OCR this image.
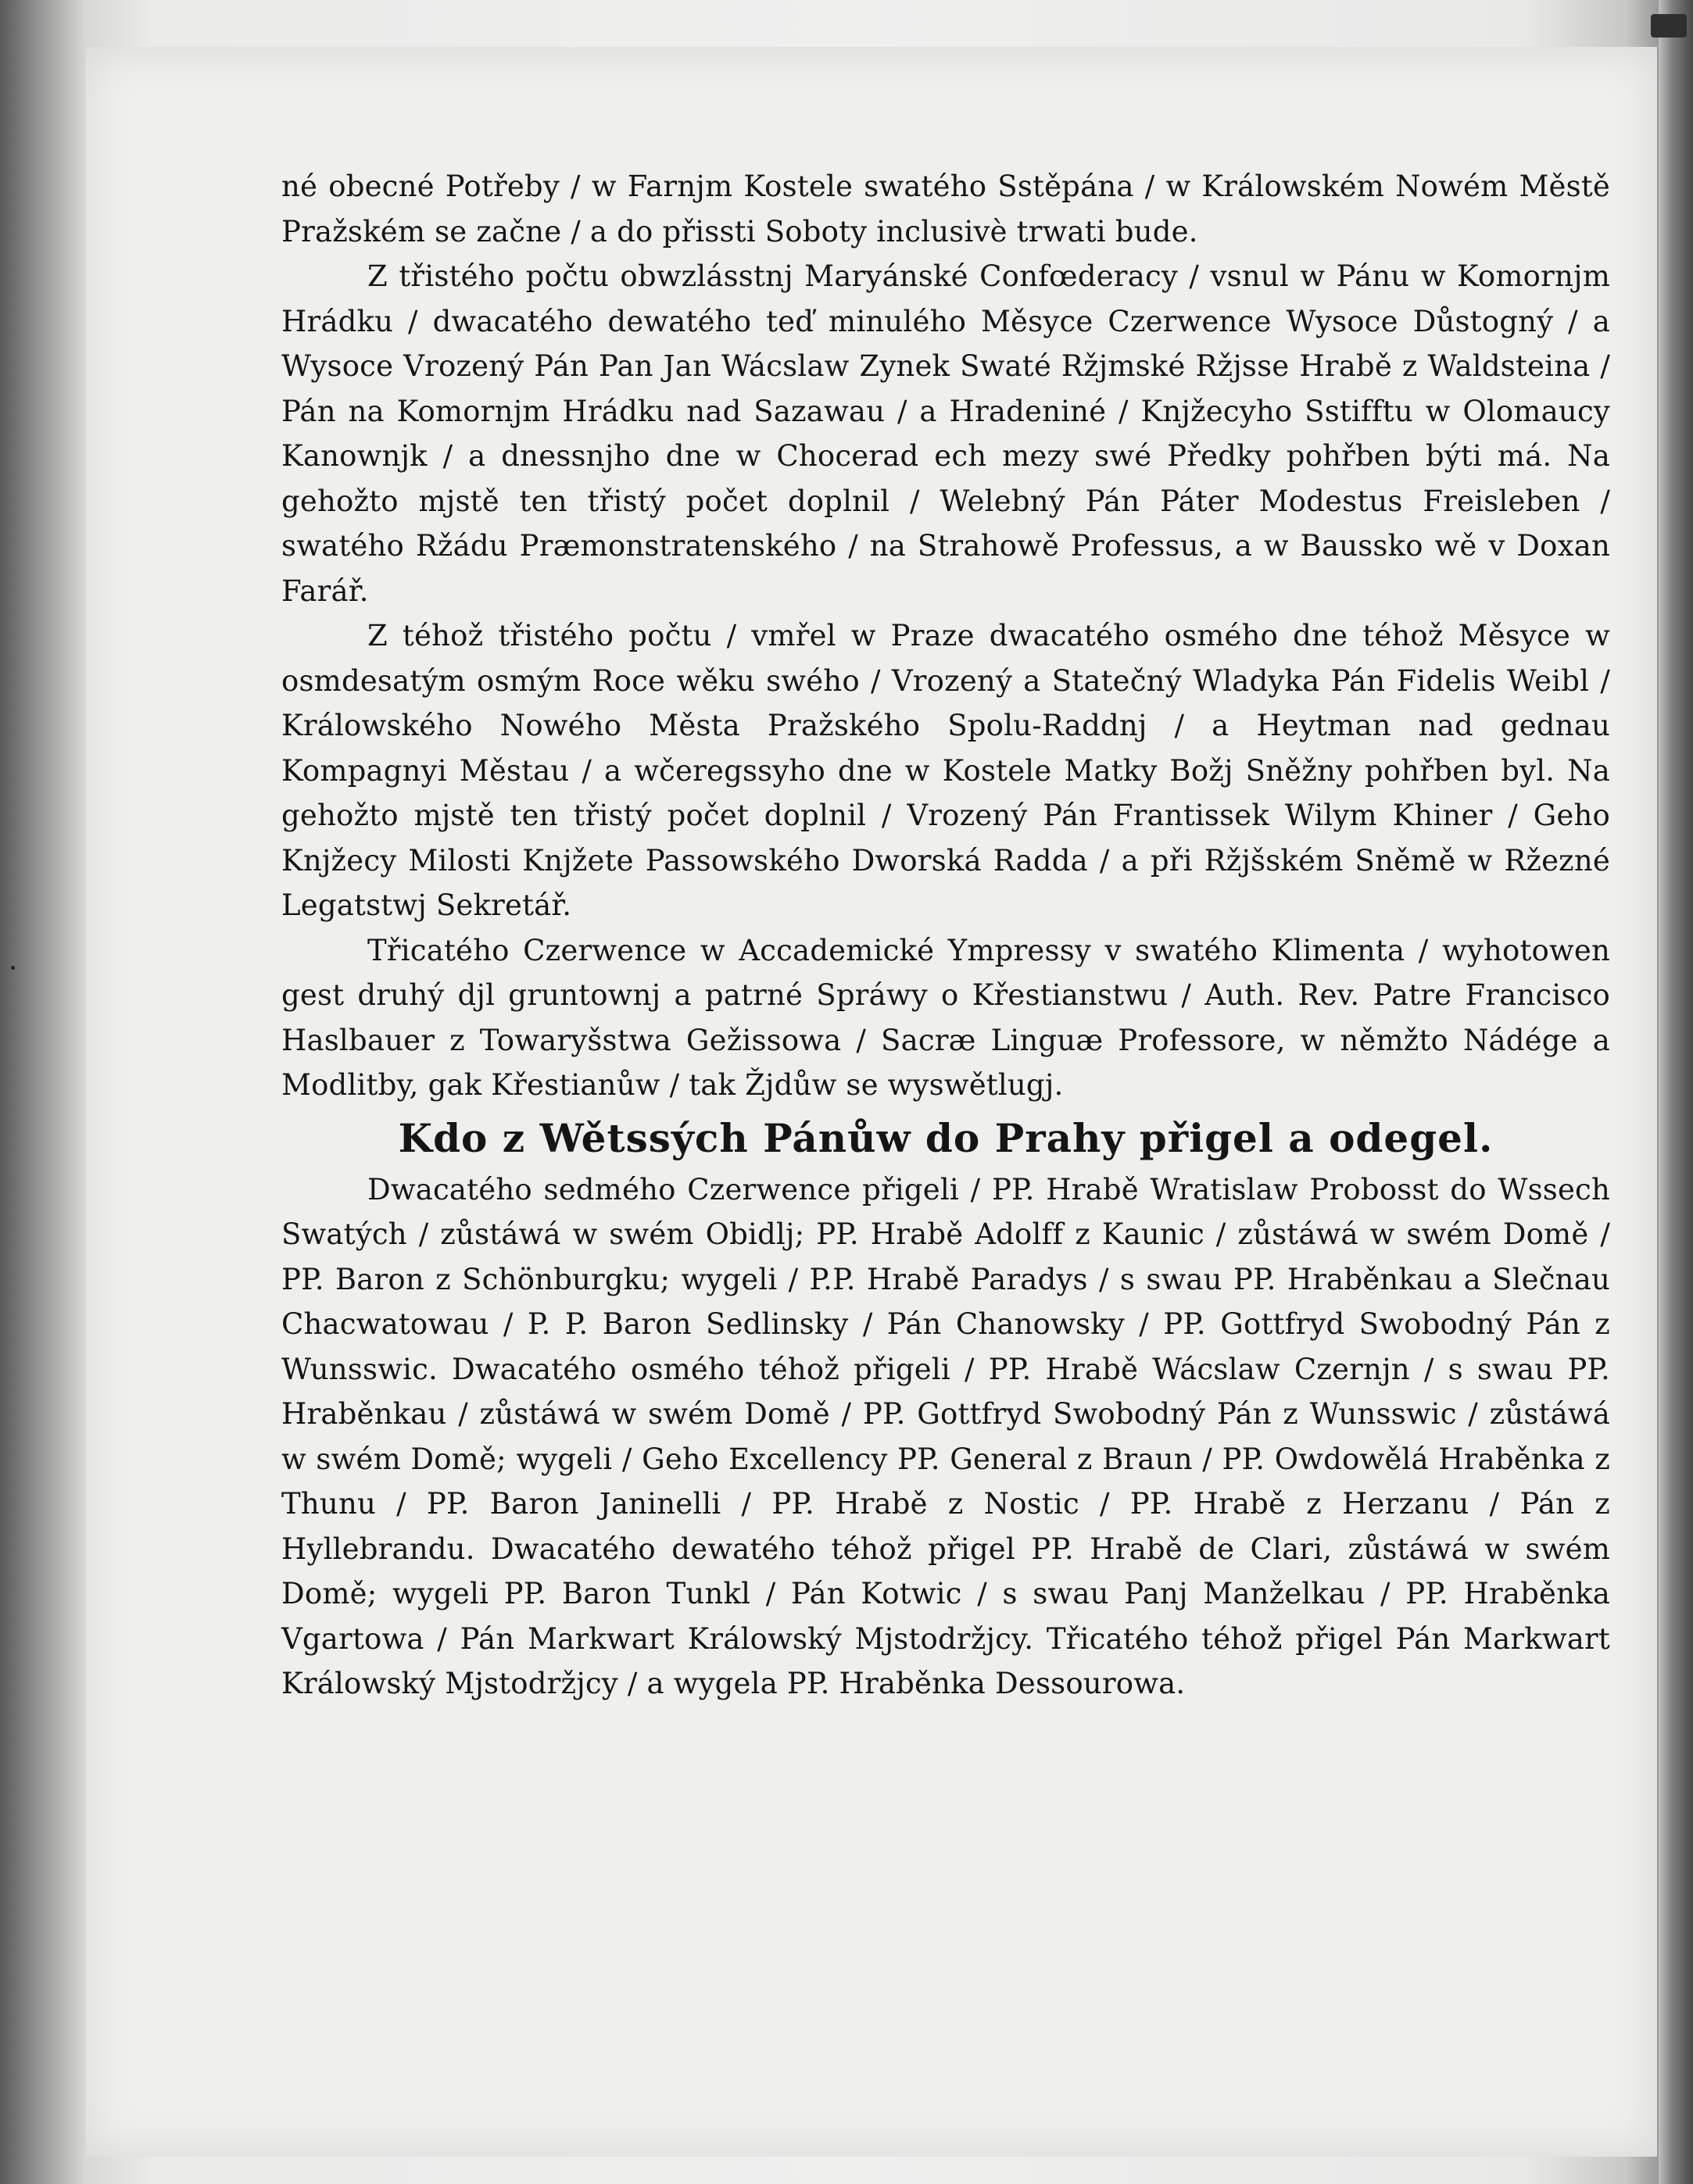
né obecné Potřeby / w Farnjm Kostele swatého Sstěpána / w Králowském Nowém Městě Pražském se začne / a do přissti Soboty inclusivè trwati bude.

Z třistého počtu obwzlásstnj Maryánské Confœderacy / vsnul w Pánu w Komornjm Hrádku / dwacatého dewatého teď minulého Měsyce Czerwence Wysoce Důstogný / a Wysoce Vrozený Pán Pan Jan Wácslaw Zynek Swaté Ržjmské Ržjsse Hrabě z Waldsteina / Pán na Komornjm Hrádku nad Sazawau / a Hradeniné / Knjžecyho Sstifftu w Olomaucy Kanownjk / a dnessnjho dne w Chocerad ech mezy swé Předky pohřben býti má. Na gehožto mjstě ten třistý počet doplnil / Welebný Pán Páter Modestus Freisleben / swatého Ržádu Præmonstratenského / na Strahowě Professus, a w Baussko wě v Doxan Farář.

Z téhož třistého počtu / vmřel w Praze dwacatého osmého dne téhož Měsyce w osmdesatým osmým Roce wěku swého / Vrozený a Statečný Wladyka Pán Fidelis Weibl / Králowského Nowého Města Pražského Spolu-Raddnj / a Heytman nad gednau Kompagnyi Městau / a wčeregssyho dne w Kostele Matky Božj Sněžny pohřben byl. Na gehožto mjstě ten třistý počet doplnil / Vrozený Pán Frantissek Wilym Khiner / Geho Knjžecy Milosti Knjžete Passowského Dworská Radda / a při Ržjšském Sněmě w Ržezné Legatstwj Sekretář.

Třicatého Czerwence w Accademické Ympressy v swatého Klimenta / wyhotowen gest druhý djl gruntownj a patrné Spráwy o Křestianstwu / Auth. Rev. Patre Francisco Haslbauer z Towaryšstwa Gežissowa / Sacræ Linguæ Professore, w němžto Nádége a Modlitby, gak Křestianůw / tak Žjdůw se wyswětlugj.

Kdo z Wětssých Pánůw do Prahy přigel a odegel.

Dwacatého sedmého Czerwence přigeli / PP. Hrabě Wratislaw Probosst do Wssech Swatých / zůstáwá w swém Obidlj; PP. Hrabě Adolff z Kaunic / zůstáwá w swém Domě / PP. Baron z Schönburgku; wygeli / P.P. Hrabě Paradys / s swau PP. Hraběnkau a Slečnau Chacwatowau / P. P. Baron Sedlinsky / Pán Chanowsky / PP. Gottfryd Swobodný Pán z Wunsswic. Dwacatého osmého téhož přigeli / PP. Hrabě Wácslaw Czernjn / s swau PP. Hraběnkau / zůstáwá w swém Domě / PP. Gottfryd Swobodný Pán z Wunsswic / zůstáwá w swém Domě; wygeli / Geho Excellency PP. General z Braun / PP. Owdowělá Hraběnka z Thunu / PP. Baron Janinelli / PP. Hrabě z Nostic / PP. Hrabě z Herzanu / Pán z Hyllebrandu. Dwacatého dewatého téhož přigel PP. Hrabě de Clari, zůstáwá w swém Domě; wygeli PP. Baron Tunkl / Pán Kotwic / s swau Panj Manželkau / PP. Hraběnka Vgartowa / Pán Markwart Králowský Mjstodržjcy. Třicatého téhož přigel Pán Markwart Králowský Mjstodržjcy / a wygela PP. Hraběnka Dessourowa.
